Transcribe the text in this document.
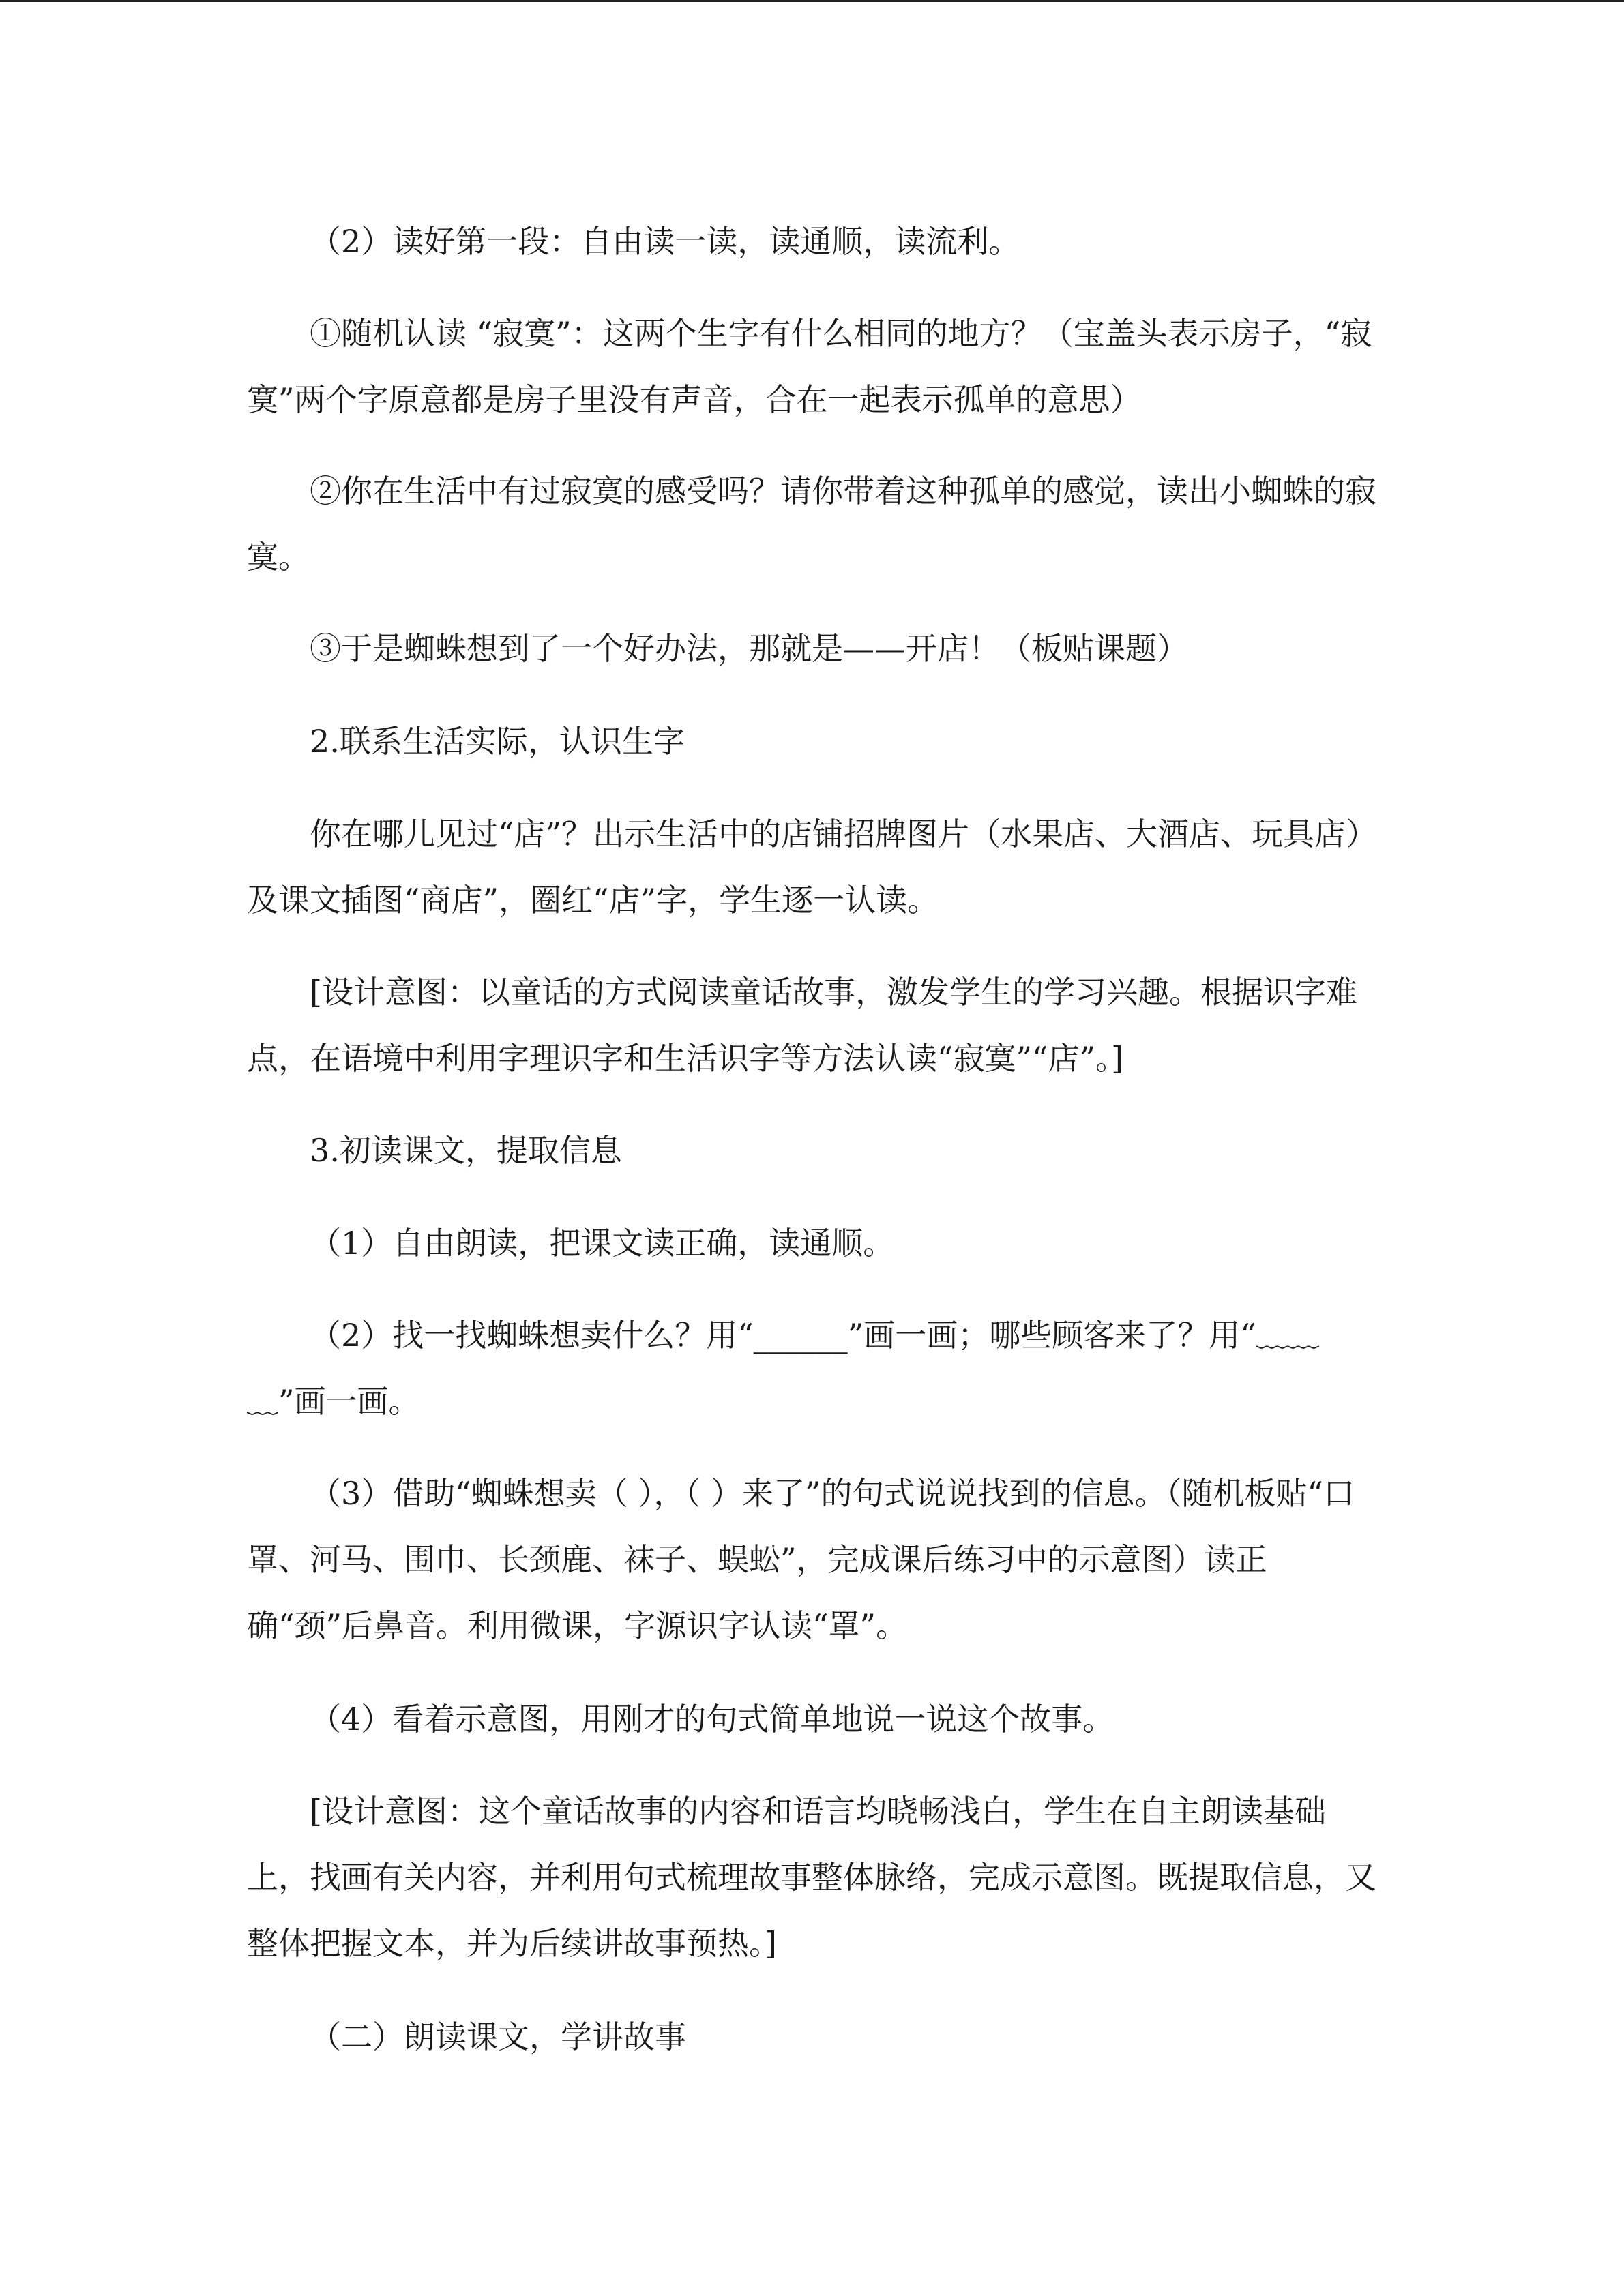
（2）读好第一段：自由读一读，读通顺，读流利。

①随机认读 “寂寞”：这两个生字有什么相同的地方？（宝盖头表示房子，“寂寞”两个字原意都是房子里没有声音，合在一起表示孤单的意思）

②你在生活中有过寂寞的感受吗？请你带着这种孤单的感觉，读出小蜘蛛的寂寞。

③于是蜘蛛想到了一个好办法，那就是——开店！（板贴课题）

2.联系生活实际，认识生字

你在哪儿见过“店”？出示生活中的店铺招牌图片（水果店、大酒店、玩具店）及课文插图“商店”，圈红“店”字，学生逐一认读。

[设计意图：以童话的方式阅读童话故事，激发学生的学习兴趣。根据识字难点，在语境中利用字理识字和生活识字等方法认读“寂寞”“店”。]

3.初读课文，提取信息

（1）自由朗读，把课文读正确，读通顺。

（2）找一找蜘蛛想卖什么？用“______”画一画；哪些顾客来了？用“﹏﹏﹏”画一画。

（3）借助“蜘蛛想卖（ ），（ ）来了”的句式说说找到的信息。（随机板贴“口罩、河马、围巾、长颈鹿、袜子、蜈蚣”，完成课后练习中的示意图）读正确“颈”后鼻音。利用微课，字源识字认读“罩”。

（4）看着示意图，用刚才的句式简单地说一说这个故事。

[设计意图：这个童话故事的内容和语言均晓畅浅白，学生在自主朗读基础上，找画有关内容，并利用句式梳理故事整体脉络，完成示意图。既提取信息，又整体把握文本，并为后续讲故事预热。]

（二）朗读课文，学讲故事
